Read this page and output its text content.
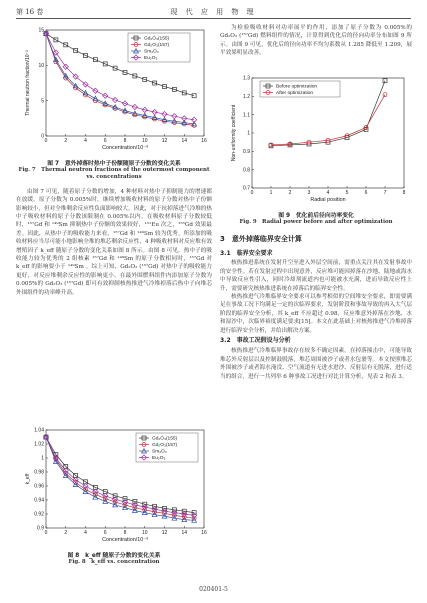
第 16 卷	现 代 应 用 物 理
0	2	4	6	8	10	12	14	16
0
5
10
15
Concentration/10⁻³
Thermal neutron fraction/10⁻²
Gd₂O₃(155)
Gd₂O₃(157)
Sm₂O₃
Eu₂O₃
图 7　意外掉落时热中子份额随原子分数的变化关系
Fig. 7　Thermal neutron fractions of the outermost component vs. concentrations

由图 7 可见，随着原子分数的增加，4 种材料对热中子抑制能力的增速都在放缓。原子分数为 0.005%时，继续增加吸收材料的原子分数对热中子份额影响较小，但对全堆剩余反应性负面影响较大。因此，对于抗掉落进气冷堆的热中子吸收材料的原子分数该限制在 0.005%以内。在吸收材料原子分数较低时，¹⁵⁷Gd 和 ¹⁴⁹Sm 抑制热中子份额的效果较好，¹⁵¹Eu 次之，¹⁵⁵Gd 效果最差。因此，从热中子的吸收能力来看，¹⁵⁷Gd 和 ¹⁴⁹Sm 较为优秀。所添加的吸收材料应当尽可能小地影响全堆的堆芯剩余反应性，4 种吸收材料对反应堆有效增殖因子 k_eff 随原子分数的变化关系如图 8 所示。由图 8 可见，热中子的吸收能力较为优秀的 2 组核素 ¹⁵⁷Gd 和 ¹⁴⁹Sm 的原子分数相同时，¹⁵⁷Gd 对 k_eff 的影响要小于 ¹⁴⁹Sm 。综上可知，Gd₂O₃ (¹⁵⁷Gd) 对热中子的吸收能力更好，对反应堆剩余反应性的影响更小，在最外围燃料组件内添加原子分数为 0.005%的 Gd₂O₃ (¹⁵⁷Gd) 即可有效抑制核热推进气冷堆掉落后热中子向堆芯外围组件的功率峰升高。

0	2	4	6	8	10	12	14	16
0.9
0.92
0.94
0.96
0.98
1
1.02
1.04
Concentration/10⁻³
k_eff
Gd₂O₃(155)
Gd₂O₃(157)
Sm₂O₃
Eu₂O₃
图 8　k_eff 随原子分数的变化关系
Fig. 8　k_eff vs. concentration

为检验吸收材料对功率展平的作用，添加了原子分数为 0.005%的 Gd₂O₃ (¹⁵⁷Gd) 燃料组件的情况，计算得到优化后的径向功率分布如图 9 所示。由图 9 可见，优化后的径向功率不均匀系数从 1.285 降低至 1.209，展平效果明显改善。

0	1	2	3	4	5	6	7	8
0.7
0.8
0.9
1
1.1
1.2
1.3
Radial position
Non-uniformity coefficient
Before optimization
After optimization
图 9　优化前后径向功率变化
Fig. 9　Radial power before and after optimization
3　意外掉落临界安全计算
3.1　临界安全要求

核热推进系统在发射升空至进入外层空间前，需重点关注其在发射事故中的安全性。若在发射过程中出现意外，反应堆可能因掉落在沙地、陆地或海水中导致反应性引入，同时冷却剂流道内也可能被水充满，进而导致反应性上升，需要研究核热推进系统在掉落后的临界安全性。

核热推进气冷堆临界安全要求可以参考相似的空间堆安全要求，即需要满足在事故工况下均满足一定的次临界要求，发射阶段和事故导致的再入大气层阶段的临界安全分析，其 k_eff 不应超过 0.98，反应堆意外掉落在沙地、水和湿沙中，次临界裕度满足要求[15]。本文在此基础上对核热推进气冷堆掉落进行临界安全分析，并给出解决方案。

3.2　事故工况假设与分析

核热推进气冷堆临界事故存在较多不确定因素，在掉落撞击中，可能导致堆芯外反射层以及控制鼓脱落，堆芯周围被沙子或者水包裹等。本文按照堆芯外围被沙子或者海水淹没、空气流道有无进水进沙、反射层有无脱落，进行适当的组合，进行一共列举 6 种事故工况进行对比计算分析，见表 2 和表 3。

020401-5
